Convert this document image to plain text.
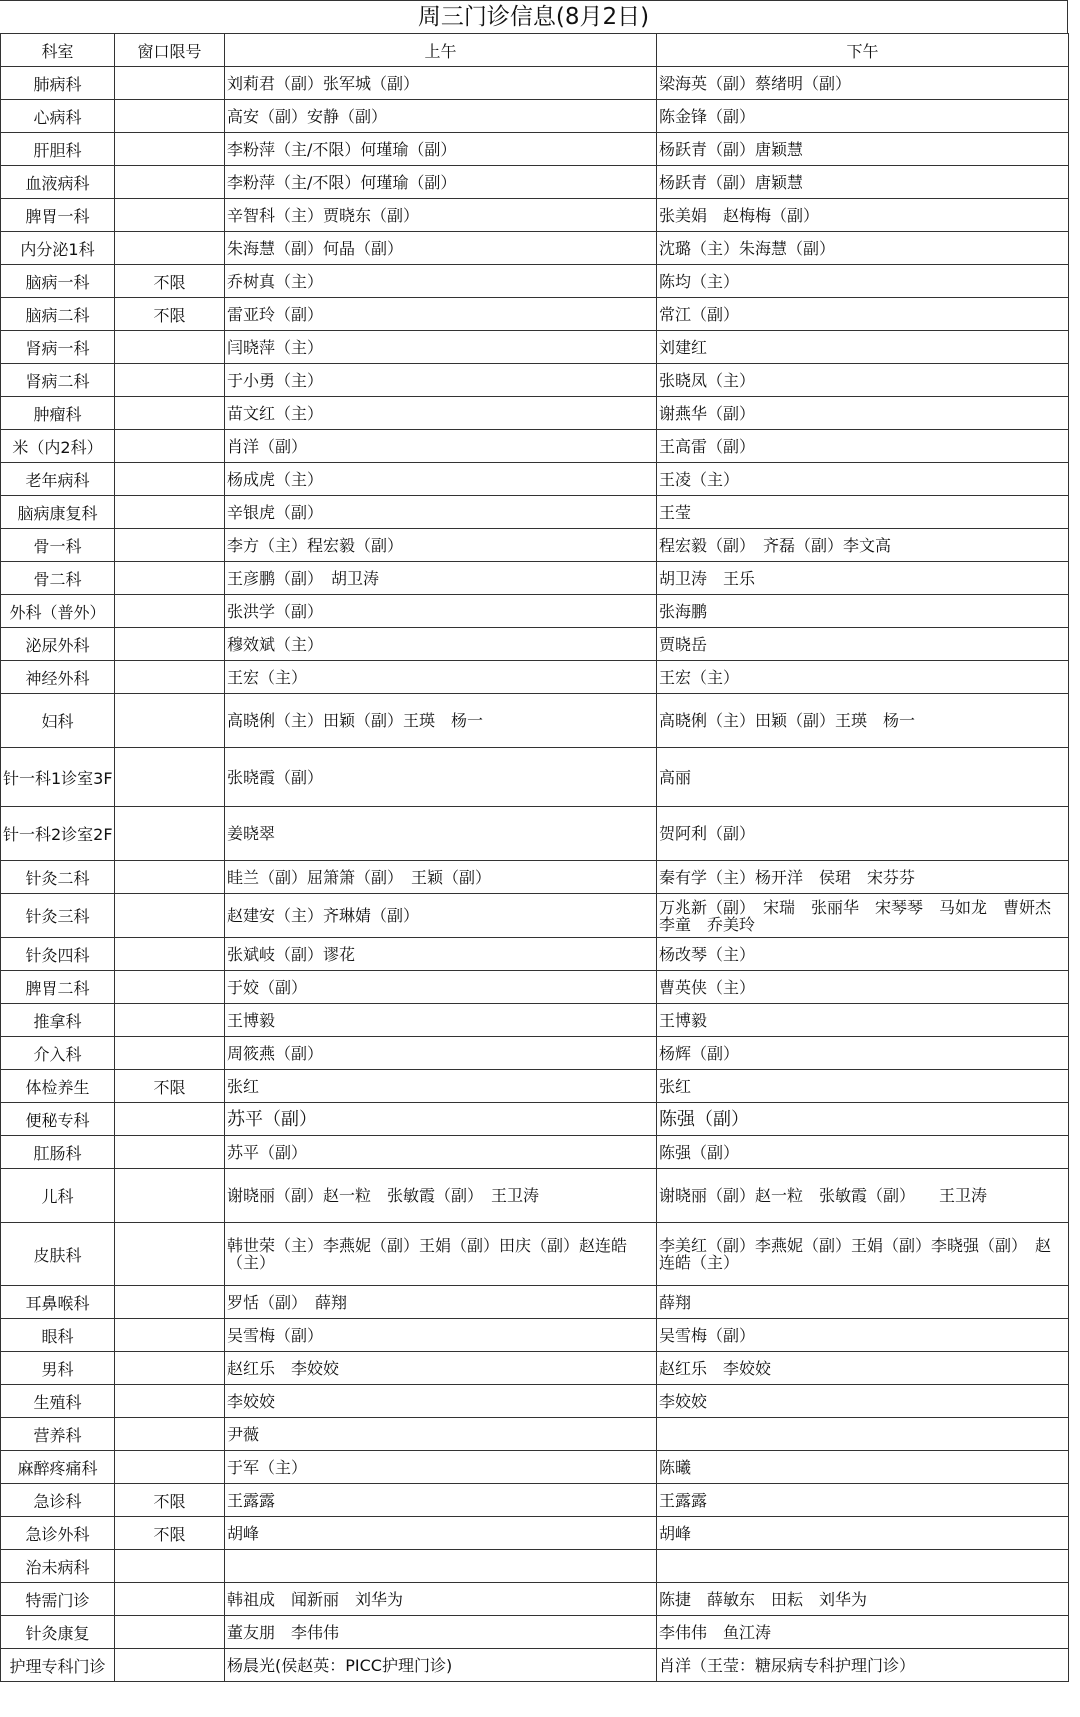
周三门诊信息(8月2日)
科室	窗口限号	上午	下午
肺病科		刘莉君（副）张军城（副）	梁海英（副）蔡绪明（副）
心病科		高安（副）安静（副）	陈金锋（副）
肝胆科		李粉萍（主/不限）何瑾瑜（副）	杨跃青（副）唐颖慧
血液病科		李粉萍（主/不限）何瑾瑜（副）	杨跃青（副）唐颖慧
脾胃一科		辛智科（主）贾晓东（副）	张美娟　赵梅梅（副）
内分泌1科		朱海慧（副）何晶（副）	沈璐（主）朱海慧（副）
脑病一科	不限	乔树真（主）	陈均（主）
脑病二科	不限	雷亚玲（副）	常江（副）
肾病一科		闫晓萍（主）	刘建红
肾病二科		于小勇（主）	张晓凤（主）
肿瘤科		苗文红（主）	谢燕华（副）
米（内2科）		肖洋（副）	王高雷（副）
老年病科		杨成虎（主）	王凌（主）
脑病康复科		辛银虎（副）	王莹
骨一科		李方（主）程宏毅（副）	程宏毅（副）　齐磊（副）李文高
骨二科		王彦鹏（副）　胡卫涛	胡卫涛　王乐
外科（普外）		张洪学（副）	张海鹏
泌尿外科		穆效斌（主）	贾晓岳
神经外科		王宏（主）	王宏（主）
妇科		高晓俐（主）田颖（副）王瑛　杨一	高晓俐（主）田颖（副）王瑛　杨一
针一科1诊室3F		张晓霞（副）	高丽
针一科2诊室2F		姜晓翠	贺阿利（副）
针灸二科		眭兰（副）屈箫箫（副）　王颖（副）	秦有学（主）杨开洋　侯珺　宋芬芬
针灸三科		赵建安（主）齐琳婧（副）	万兆新（副）　宋瑞　张丽华　宋琴琴　马如龙　曹妍杰　李童　乔美玲
针灸四科		张斌岐（副）谬花	杨改琴（主）
脾胃二科		于姣（副）	曹英侠（主）
推拿科		王博毅	王博毅
介入科		周筱燕（副）	杨辉（副）
体检养生	不限	张红	张红
便秘专科		苏平（副）	陈强（副）
肛肠科		苏平（副）	陈强（副）
儿科		谢晓丽（副）赵一粒　张敏霞（副）　王卫涛	谢晓丽（副）赵一粒　张敏霞（副）　　王卫涛
皮肤科		韩世荣（主）李燕妮（副）王娟（副）田庆（副）赵连皓（主）	李美红（副）李燕妮（副）王娟（副）李晓强（副）　赵连皓（主）
耳鼻喉科		罗恬（副）　薛翔	薛翔
眼科		吴雪梅（副）	吴雪梅（副）
男科		赵红乐　李姣姣	赵红乐　李姣姣
生殖科		李姣姣	李姣姣
营养科		尹薇	
麻醉疼痛科		于军（主）	陈曦
急诊科	不限	王露露	王露露
急诊外科	不限	胡峰	胡峰
治未病科			
特需门诊		韩祖成　闻新丽　刘华为	陈捷　薛敏东　田耘　刘华为
针灸康复		董友朋　李伟伟	李伟伟　鱼江涛
护理专科门诊		杨晨光(侯赵英：PICC护理门诊)	肖洋（王莹：糖尿病专科护理门诊）
